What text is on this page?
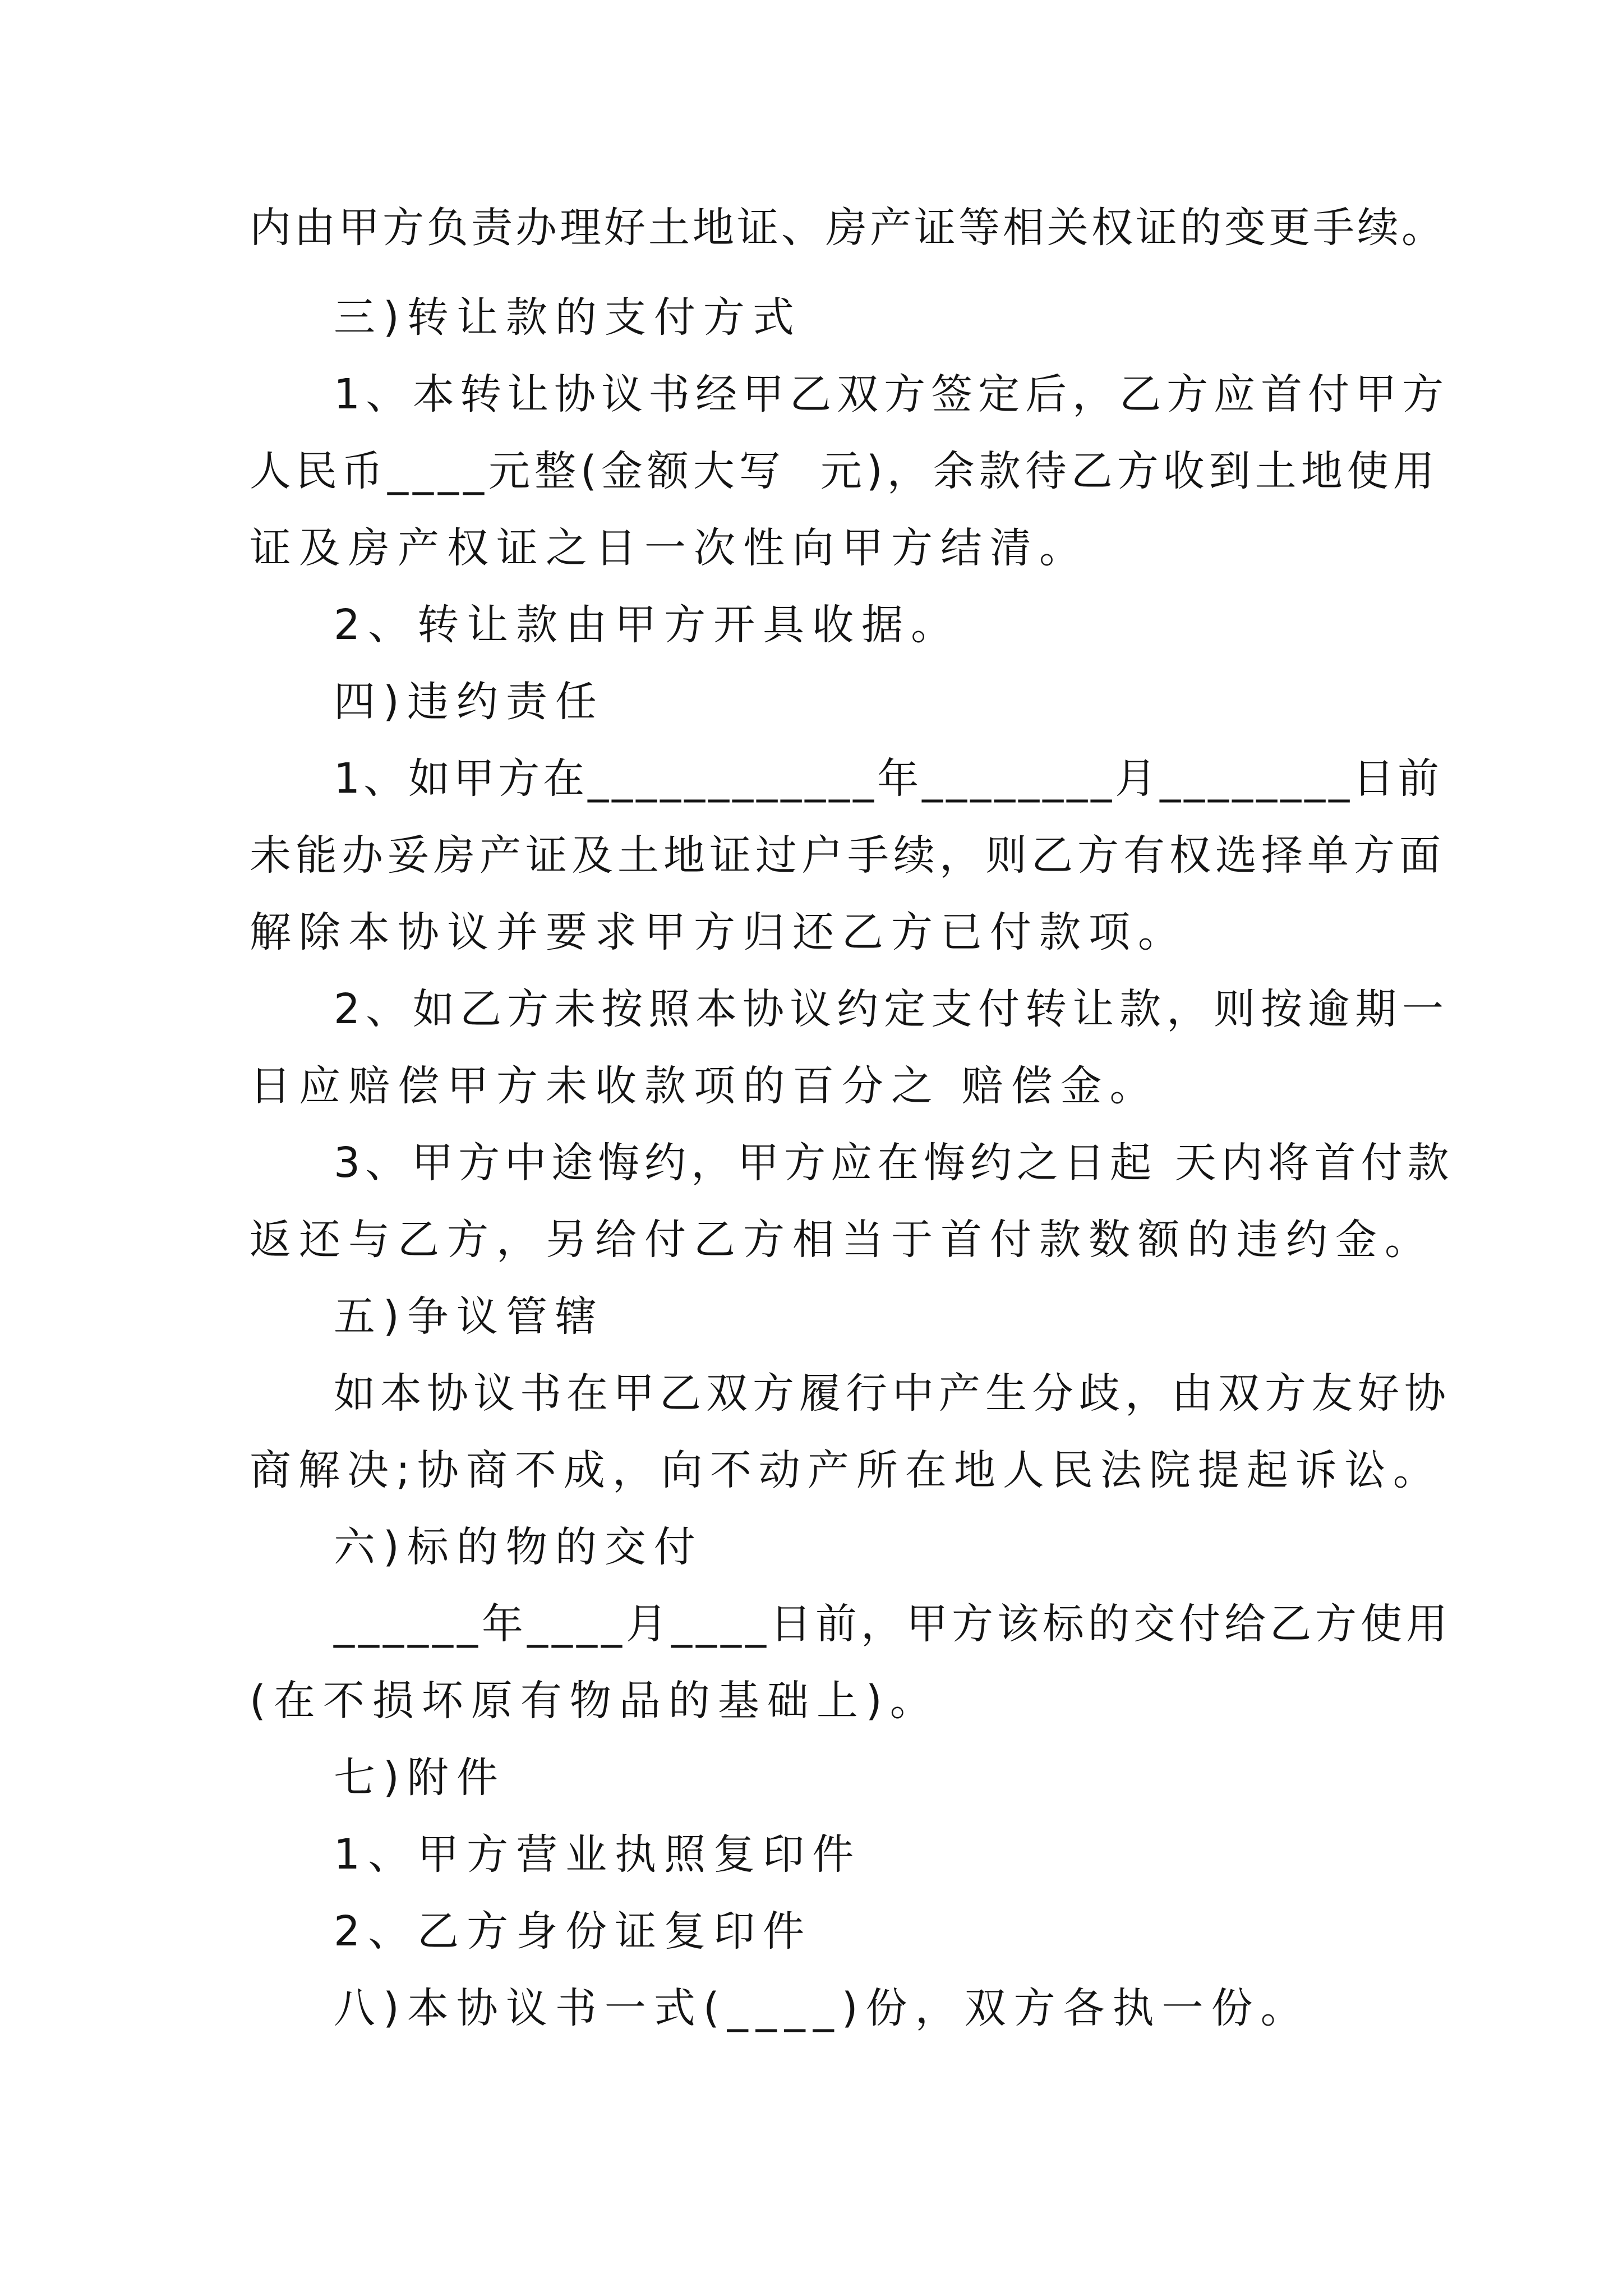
内由甲方负责办理好土地证、房产证等相关权证的变更手续。

三)转让款的支付方式

1、本转让协议书经甲乙双方签定后，乙方应首付甲方

人民币____元整(金额大写  元)，余款待乙方收到土地使用

证及房产权证之日一次性向甲方结清。

2、转让款由甲方开具收据。

四)违约责任

1、如甲方在____________年________月________日前

未能办妥房产证及土地证过户手续，则乙方有权选择单方面

解除本协议并要求甲方归还乙方已付款项。

2、如乙方未按照本协议约定支付转让款，则按逾期一

日应赔偿甲方未收款项的百分之 赔偿金。

3、甲方中途悔约，甲方应在悔约之日起 天内将首付款

返还与乙方，另给付乙方相当于首付款数额的违约金。

五)争议管辖

如本协议书在甲乙双方履行中产生分歧，由双方友好协

商解决;协商不成，向不动产所在地人民法院提起诉讼。

六)标的物的交付

______年____月____日前，甲方该标的交付给乙方使用

(在不损坏原有物品的基础上)。

七)附件

1、甲方营业执照复印件

2、乙方身份证复印件

八)本协议书一式(____)份，双方各执一份。
